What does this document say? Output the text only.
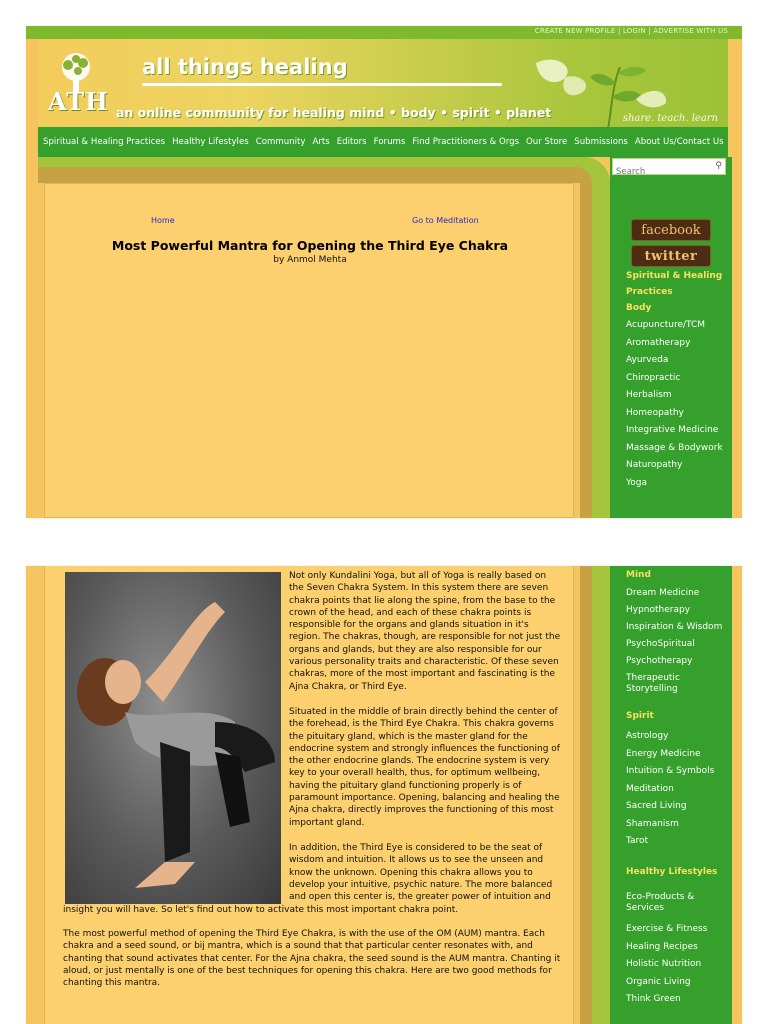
CREATE NEW PROFILE | LOGIN | ADVERTISE WITH US
ATH
all things healing
an online community for healing mind • body • spirit • planet	share. teach. learn
Spiritual & Healing Practices Healthy Lifestyles Community Arts Editors Forums Find Practitioners & Orgs Our Store Submissions About Us/Contact Us
Home	Go to Meditation
Most Powerful Mantra for Opening the Third Eye Chakra
by Anmol Mehta
Search
⚲
facebook
twitter
Spiritual & Healing Practices
Body
Acupuncture/TCM
Aromatherapy
Ayurveda
Chiropractic
Herbalism
Homeopathy
Integrative Medicine
Massage & Bodywork
Naturopathy
Yoga
Not only Kundalini Yoga, but all of Yoga is really based on
the Seven Chakra System. In this system there are seven
chakra points that lie along the spine, from the base to the
crown of the head, and each of these chakra points is
responsible for the organs and glands situation in it's
region. The chakras, though, are responsible for not just the
organs and glands, but they are also responsible for our
various personality traits and characteristic. Of these seven
chakras, more of the most important and fascinating is the
Ajna Chakra, or Third Eye.
Situated in the middle of brain directly behind the center of
the forehead, is the Third Eye Chakra. This chakra governs
the pituitary gland, which is the master gland for the
endocrine system and strongly influences the functioning of
the other endocrine glands. The endocrine system is very
key to your overall health, thus, for optimum wellbeing,
having the pituitary gland functioning properly is of
paramount importance. Opening, balancing and healing the
Ajna chakra, directly improves the functioning of this most
important gland.
In addition, the Third Eye is considered to be the seat of
wisdom and intuition. It allows us to see the unseen and
know the unknown. Opening this chakra allows you to
develop your intuitive, psychic nature. The more balanced
and open this center is, the greater power of intuition and
insight you will have. So let's find out how to activate this most important chakra point.
The most powerful method of opening the Third Eye Chakra, is with the use of the OM (AUM) mantra. Each
chakra and a seed sound, or bij mantra, which is a sound that that particular center resonates with, and
chanting that sound activates that center. For the Ajna chakra, the seed sound is the AUM mantra. Chanting it
aloud, or just mentally is one of the best techniques for opening this chakra. Here are two good methods for
chanting this mantra.
Mind
Dream Medicine
Hypnotherapy
Inspiration & Wisdom
PsychoSpiritual
Psychotherapy
Therapeutic Storytelling
Spirit
Astrology
Energy Medicine
Intuition & Symbols
Meditation
Sacred Living
Shamanism
Tarot
Healthy Lifestyles
Eco-Products & Services
Exercise & Fitness
Healing Recipes
Holistic Nutrition
Organic Living
Think Green
